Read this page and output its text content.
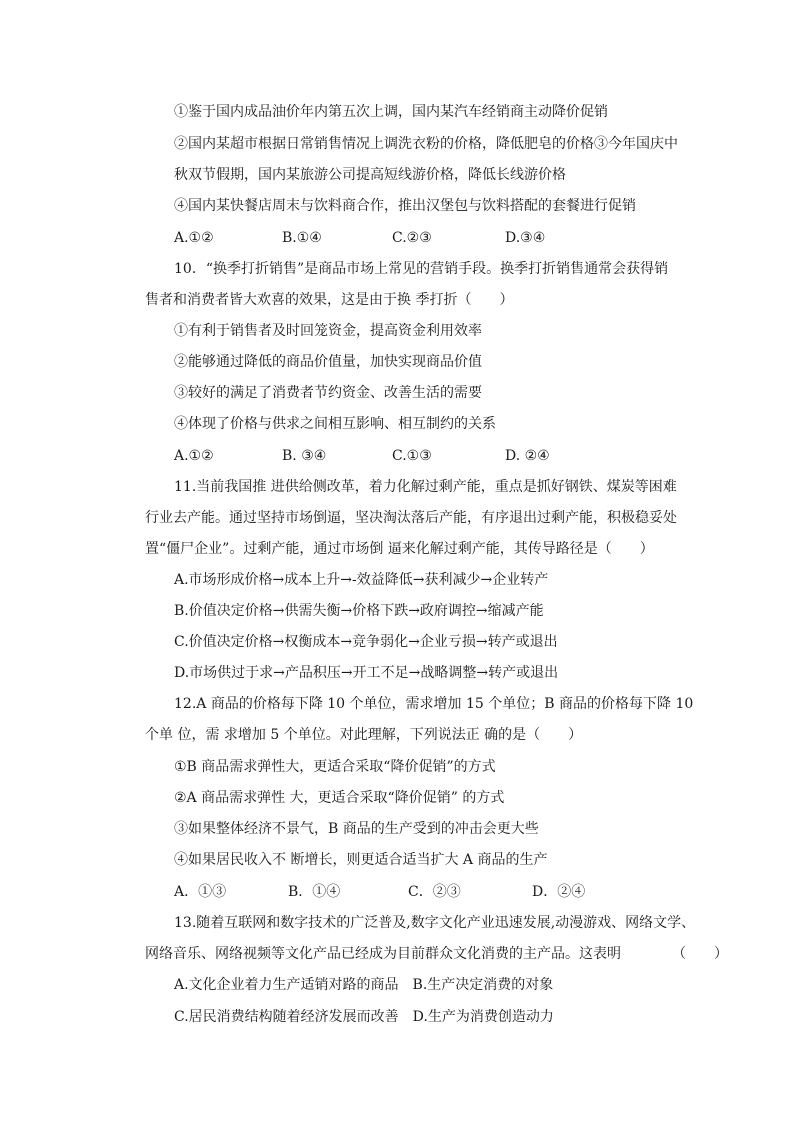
①鉴于国内成品油价年内第五次上调，国内某汽车经销商主动降价促销
②国内某超市根据日常销售情况上调洗衣粉的价格，降低肥皂的价格③今年国庆中
秋双节假期，国内某旅游公司提高短线游价格，降低长线游价格
④国内某快餐店周末与饮料商合作，推出汉堡包与饮料搭配的套餐进行促销
A.①②	B.①④	C.②③	D.③④
10．“换季打折销售”是商品市场上常见的营销手段。换季打折销售通常会获得销
售者和消费者皆大欢喜的效果，这是由于换 季打折（　　）
①有利于销售者及时回笼资金，提高资金利用效率
②能够通过降低的商品价值量，加快实现商品价值
③较好的满足了消费者节约资金、改善生活的需要
④体现了价格与供求之间相互影响、相互制约的关系
A.①②	B. ③④	C.①③	D. ②④
11.当前我国推 进供给侧改革，着力化解过剩产能，重点是抓好钢铁、煤炭等困难
行业去产能。通过坚持市场倒逼，坚决淘汰落后产能，有序退出过剩产能，积极稳妥处
置“僵尸企业”。过剩产能，通过市场倒 逼来化解过剩产能，其传导路径是（　　）
A.市场形成价格→成本上升→-效益降低→获利减少→企业转产
B.价值决定价格→供需失衡→价格下跌→政府调控→缩减产能
C.价值决定价格→权衡成本→竞争弱化→企业亏损→转产或退出
D.市场供过于求→产品积压→开工不足→战略调整→转产或退出
12.A 商品的价格每下降 10 个单位，需求增加 15 个单位；B 商品的价格每下降 10
个单 位，需 求增加 5 个单位。对此理解，下列说法正 确的是（　　）
①B 商品需求弹性大，更适合采取“降价促销”的方式
②A 商品需求弹性 大，更适合采取“降价促销” 的方式
③如果整体经济不景气，B 商品的生产受到的冲击会更大些
④如果居民收入不 断增长，则更适合适当扩大 A 商品的生产
A．①③	B．①④	C．②③	D．②④
13.随着互联网和数字技术的广泛普及,数字文化产业迅速发展,动漫游戏、网络文学、
网络音乐、网络视频等文化产品已经成为目前群众文化消费的主产品。这表明	（　　）
A.文化企业着力生产适销对路的商品　B.生产决定消费的对象
C.居民消费结构随着经济发展而改善　D.生产为消费创造动力
